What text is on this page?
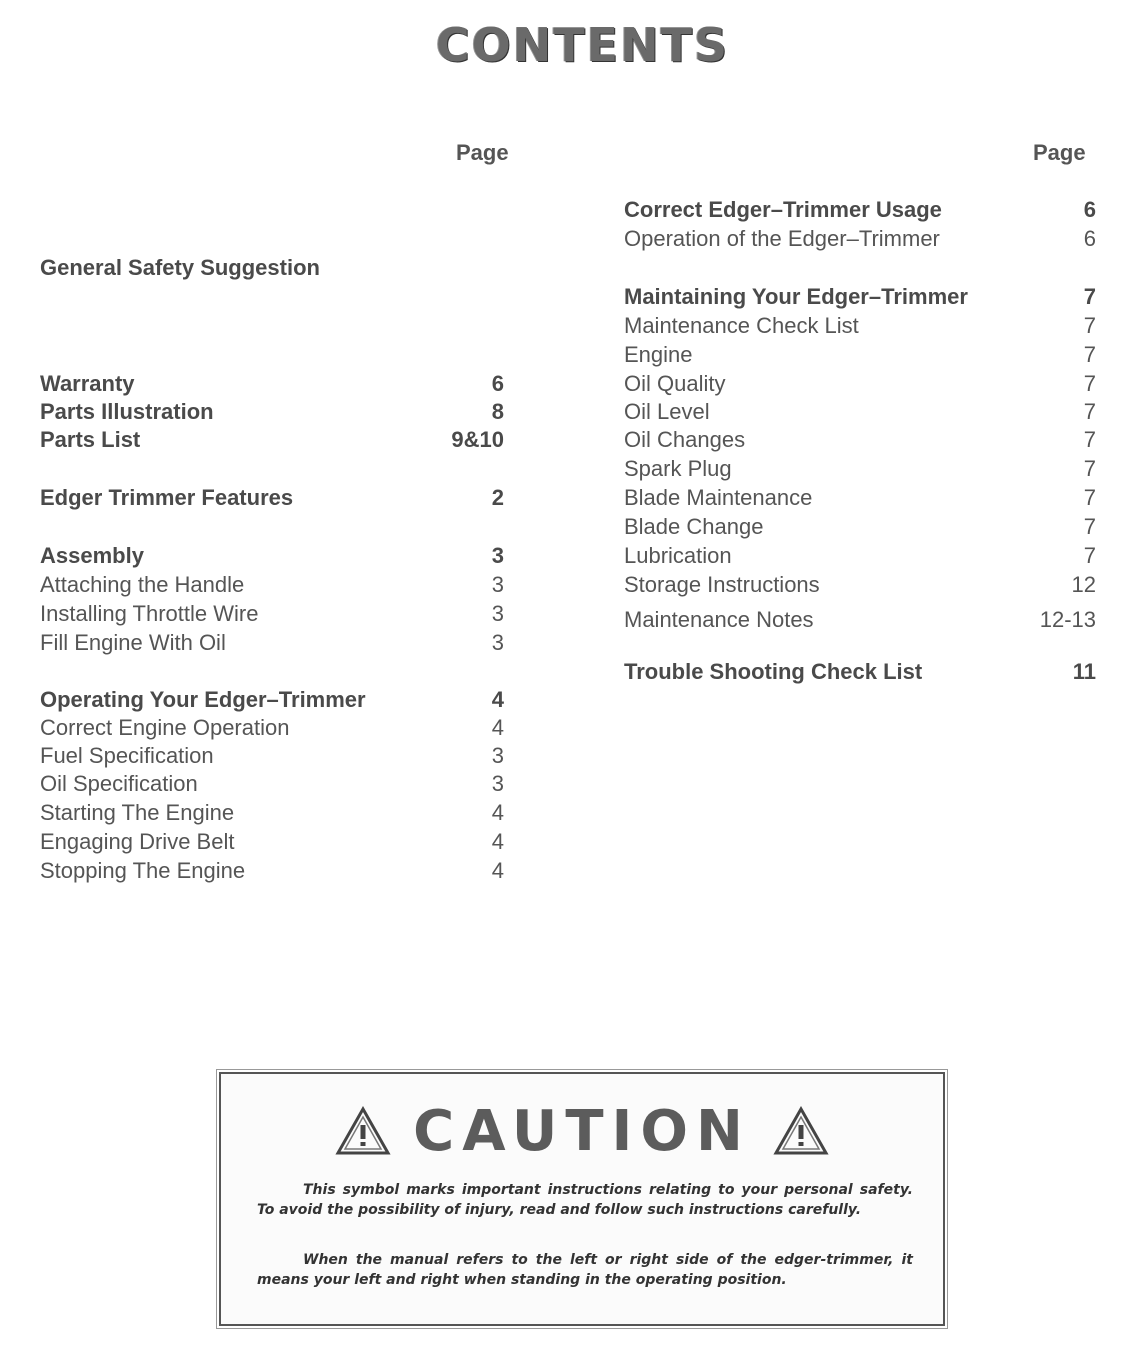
CONTENTS
Page	Page
General Safety Suggestion
Warranty	6
Parts Illustration	8
Parts List	9&10
Edger Trimmer Features	2
Assembly	3
Attaching the Handle	3
Installing Throttle Wire	3
Fill Engine With Oil	3
Operating Your Edger–Trimmer	4
Correct Engine Operation	4
Fuel Specification	3
Oil Specification	3
Starting The Engine	4
Engaging Drive Belt	4
Stopping The Engine	4
Correct Edger–Trimmer Usage	6
Operation of the Edger–Trimmer	6
Maintaining Your Edger–Trimmer	7
Maintenance Check List	7
Engine	7
Oil Quality	7
Oil Level	7
Oil Changes	7
Spark Plug	7
Blade Maintenance	7
Blade Change	7
Lubrication	7
Storage Instructions	12
Maintenance Notes	12-13
Trouble Shooting Check List	11
CAUTION
This symbol marks important instructions relating to your personal safety. To avoid the possibility of injury, read and follow such instructions carefully.
When the manual refers to the left or right side of the edger-trimmer, it means your left and right when standing in the operating position.
